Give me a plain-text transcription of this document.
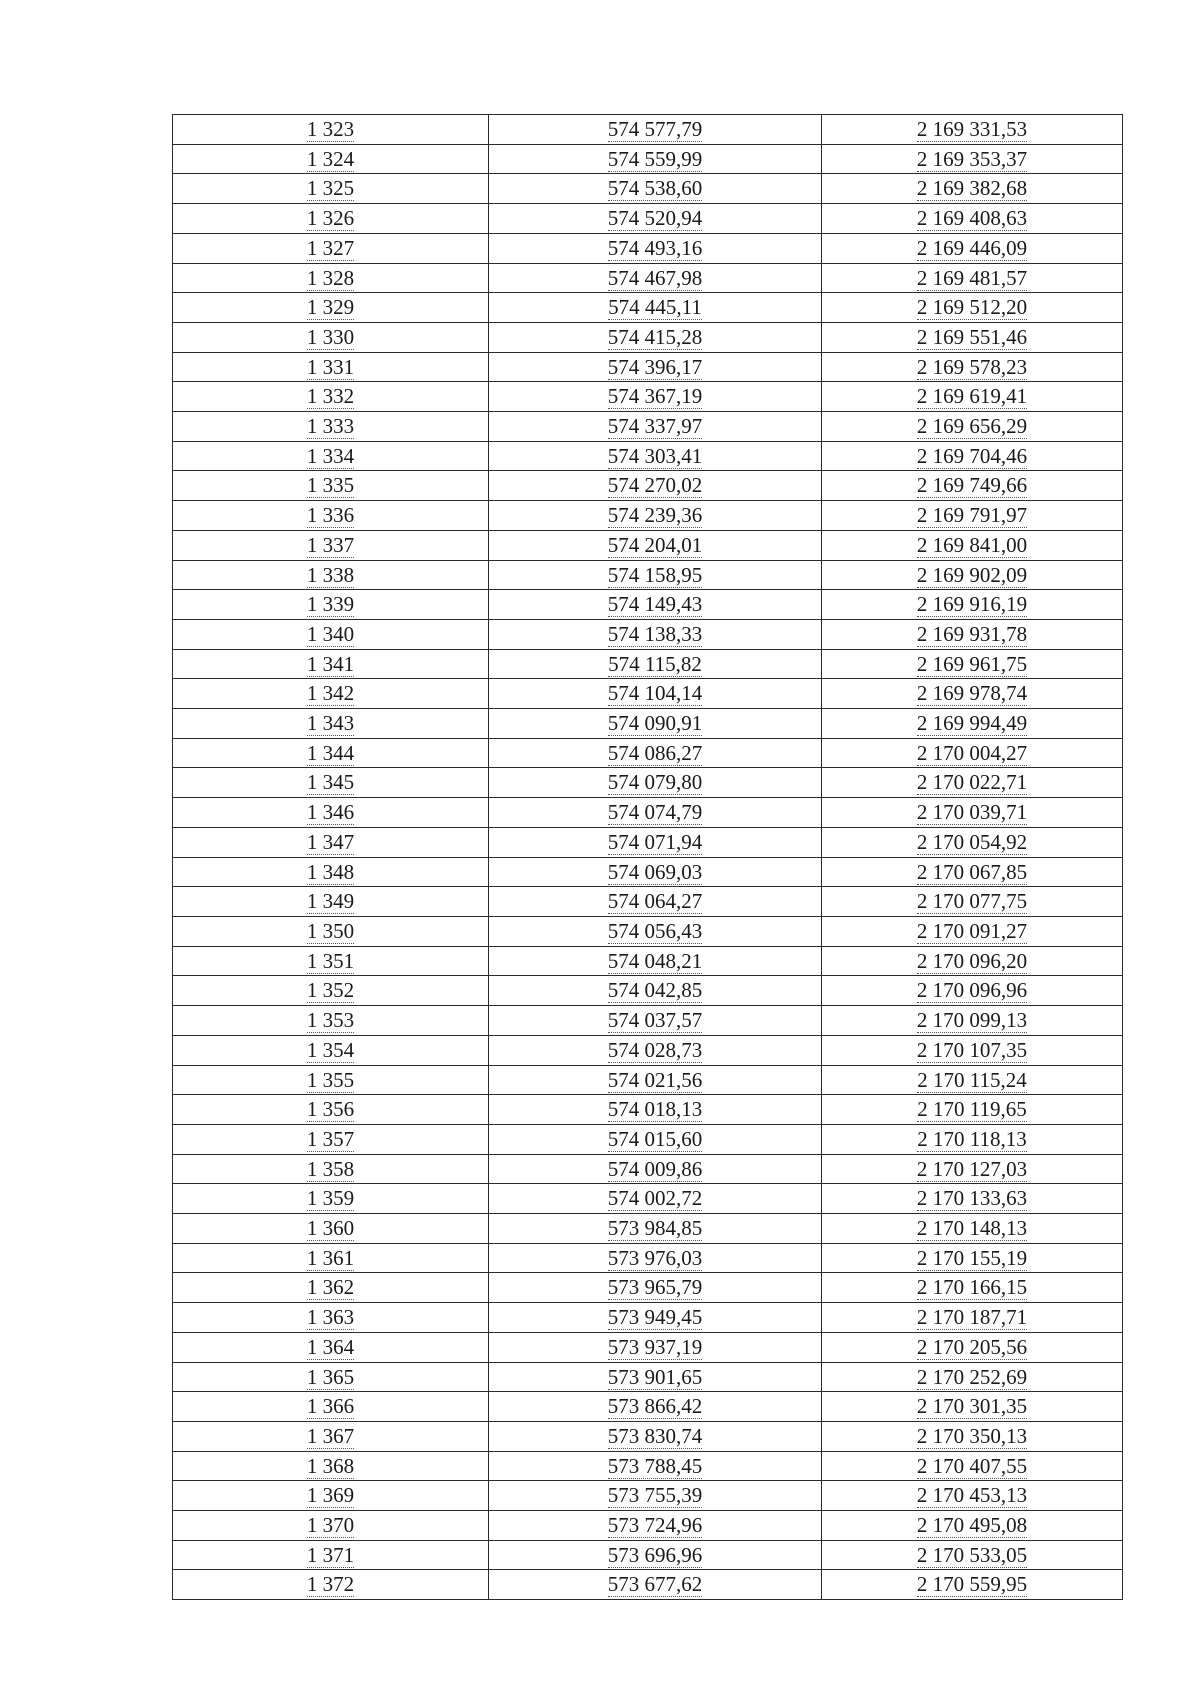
1 323	574 577,79	2 169 331,53
1 324	574 559,99	2 169 353,37
1 325	574 538,60	2 169 382,68
1 326	574 520,94	2 169 408,63
1 327	574 493,16	2 169 446,09
1 328	574 467,98	2 169 481,57
1 329	574 445,11	2 169 512,20
1 330	574 415,28	2 169 551,46
1 331	574 396,17	2 169 578,23
1 332	574 367,19	2 169 619,41
1 333	574 337,97	2 169 656,29
1 334	574 303,41	2 169 704,46
1 335	574 270,02	2 169 749,66
1 336	574 239,36	2 169 791,97
1 337	574 204,01	2 169 841,00
1 338	574 158,95	2 169 902,09
1 339	574 149,43	2 169 916,19
1 340	574 138,33	2 169 931,78
1 341	574 115,82	2 169 961,75
1 342	574 104,14	2 169 978,74
1 343	574 090,91	2 169 994,49
1 344	574 086,27	2 170 004,27
1 345	574 079,80	2 170 022,71
1 346	574 074,79	2 170 039,71
1 347	574 071,94	2 170 054,92
1 348	574 069,03	2 170 067,85
1 349	574 064,27	2 170 077,75
1 350	574 056,43	2 170 091,27
1 351	574 048,21	2 170 096,20
1 352	574 042,85	2 170 096,96
1 353	574 037,57	2 170 099,13
1 354	574 028,73	2 170 107,35
1 355	574 021,56	2 170 115,24
1 356	574 018,13	2 170 119,65
1 357	574 015,60	2 170 118,13
1 358	574 009,86	2 170 127,03
1 359	574 002,72	2 170 133,63
1 360	573 984,85	2 170 148,13
1 361	573 976,03	2 170 155,19
1 362	573 965,79	2 170 166,15
1 363	573 949,45	2 170 187,71
1 364	573 937,19	2 170 205,56
1 365	573 901,65	2 170 252,69
1 366	573 866,42	2 170 301,35
1 367	573 830,74	2 170 350,13
1 368	573 788,45	2 170 407,55
1 369	573 755,39	2 170 453,13
1 370	573 724,96	2 170 495,08
1 371	573 696,96	2 170 533,05
1 372	573 677,62	2 170 559,95
